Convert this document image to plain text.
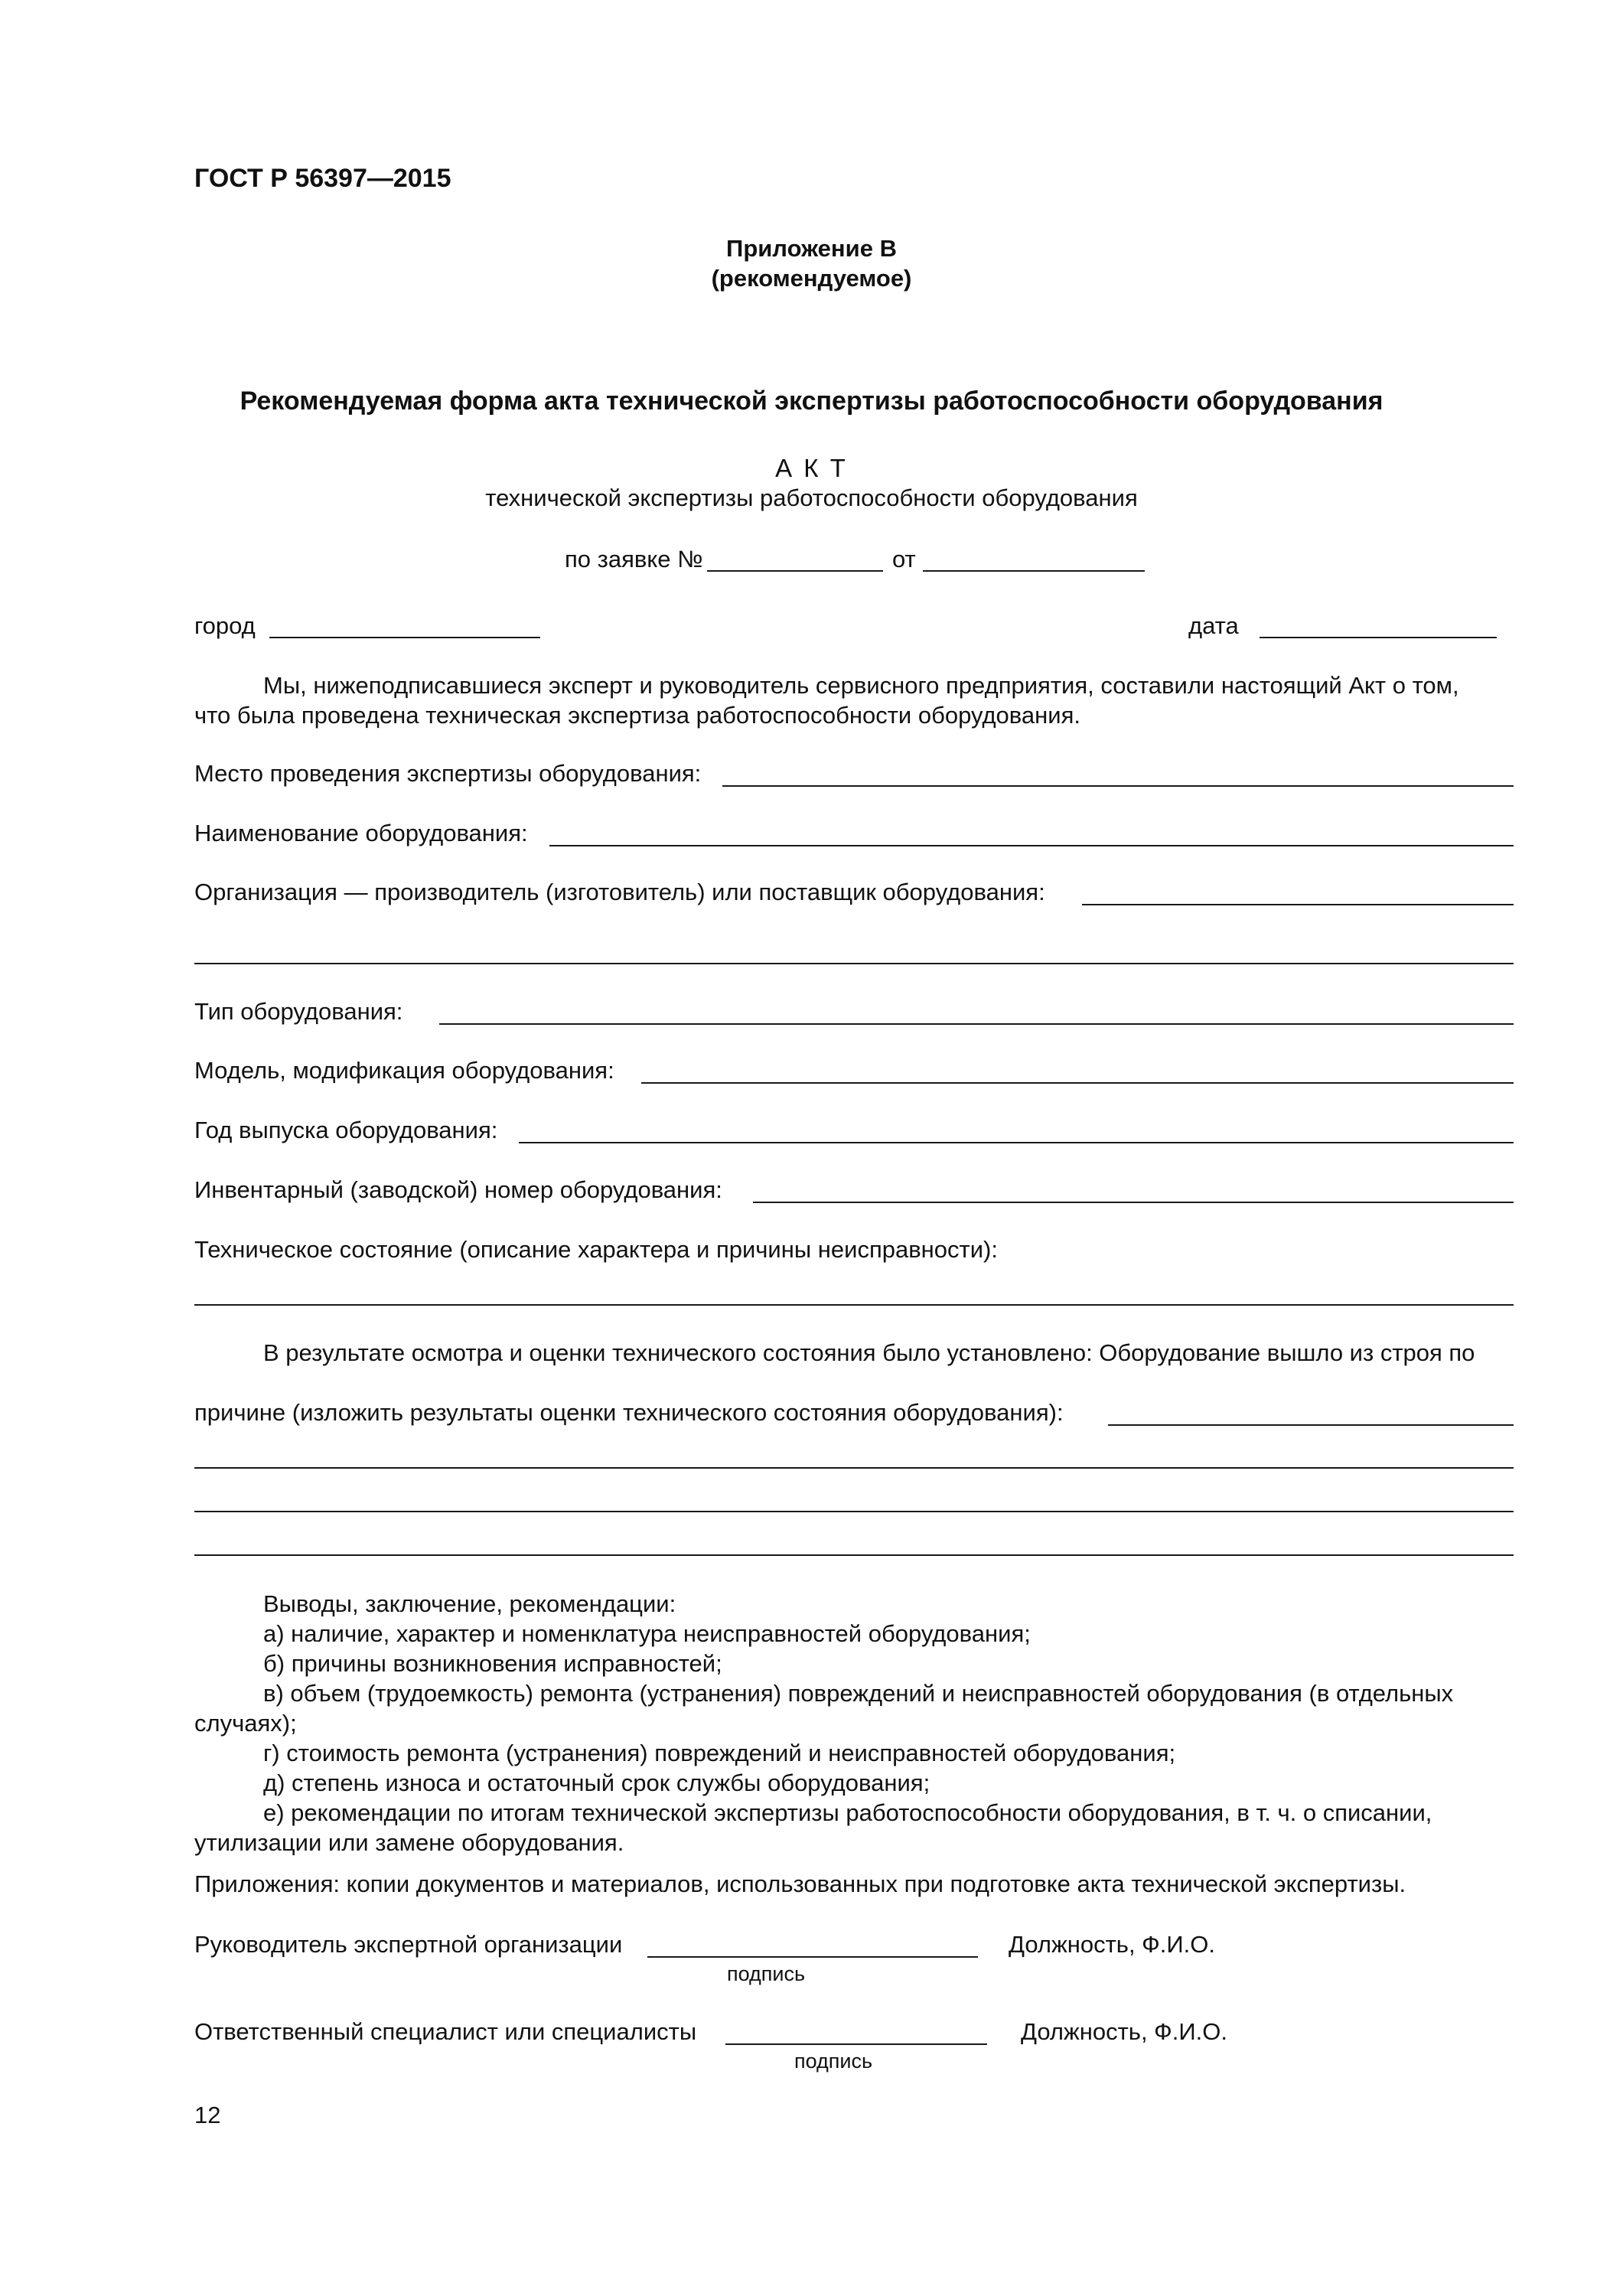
ГОСТ Р 56397—2015
Приложение В
(рекомендуемое)
Рекомендуемая форма акта технической экспертизы работоспособности оборудования
А К Т
технической экспертизы работоспособности оборудования
по заявке №	от
город	дата
Мы, нижеподписавшиеся эксперт и руководитель сервисного предприятия, составили настоящий Акт о том,
что была проведена техническая экспертиза работоспособности оборудования.
Место проведения экспертизы оборудования:
Наименование оборудования:
Организация — производитель (изготовитель) или поставщик оборудования:
Тип оборудования:
Модель, модификация оборудования:
Год выпуска оборудования:
Инвентарный (заводской) номер оборудования:
Техническое состояние (описание характера и причины неисправности):
В результате осмотра и оценки технического состояния было установлено: Оборудование вышло из строя по
причине (изложить результаты оценки технического состояния оборудования):
Выводы, заключение, рекомендации:
а) наличие, характер и номенклатура неисправностей оборудования;
б) причины возникновения исправностей;
в) объем (трудоемкость) ремонта (устранения) повреждений и неисправностей оборудования (в отдельных
случаях);
г) стоимость ремонта (устранения) повреждений и неисправностей оборудования;
д) степень износа и остаточный срок службы оборудования;
е) рекомендации по итогам технической экспертизы работоспособности оборудования, в т. ч. о списании,
утилизации или замене оборудования.
Приложения: копии документов и материалов, использованных при подготовке акта технической экспертизы.
Руководитель экспертной организации	Должность, Ф.И.О.
подпись
Ответственный специалист или специалисты	Должность, Ф.И.О.
подпись
12
